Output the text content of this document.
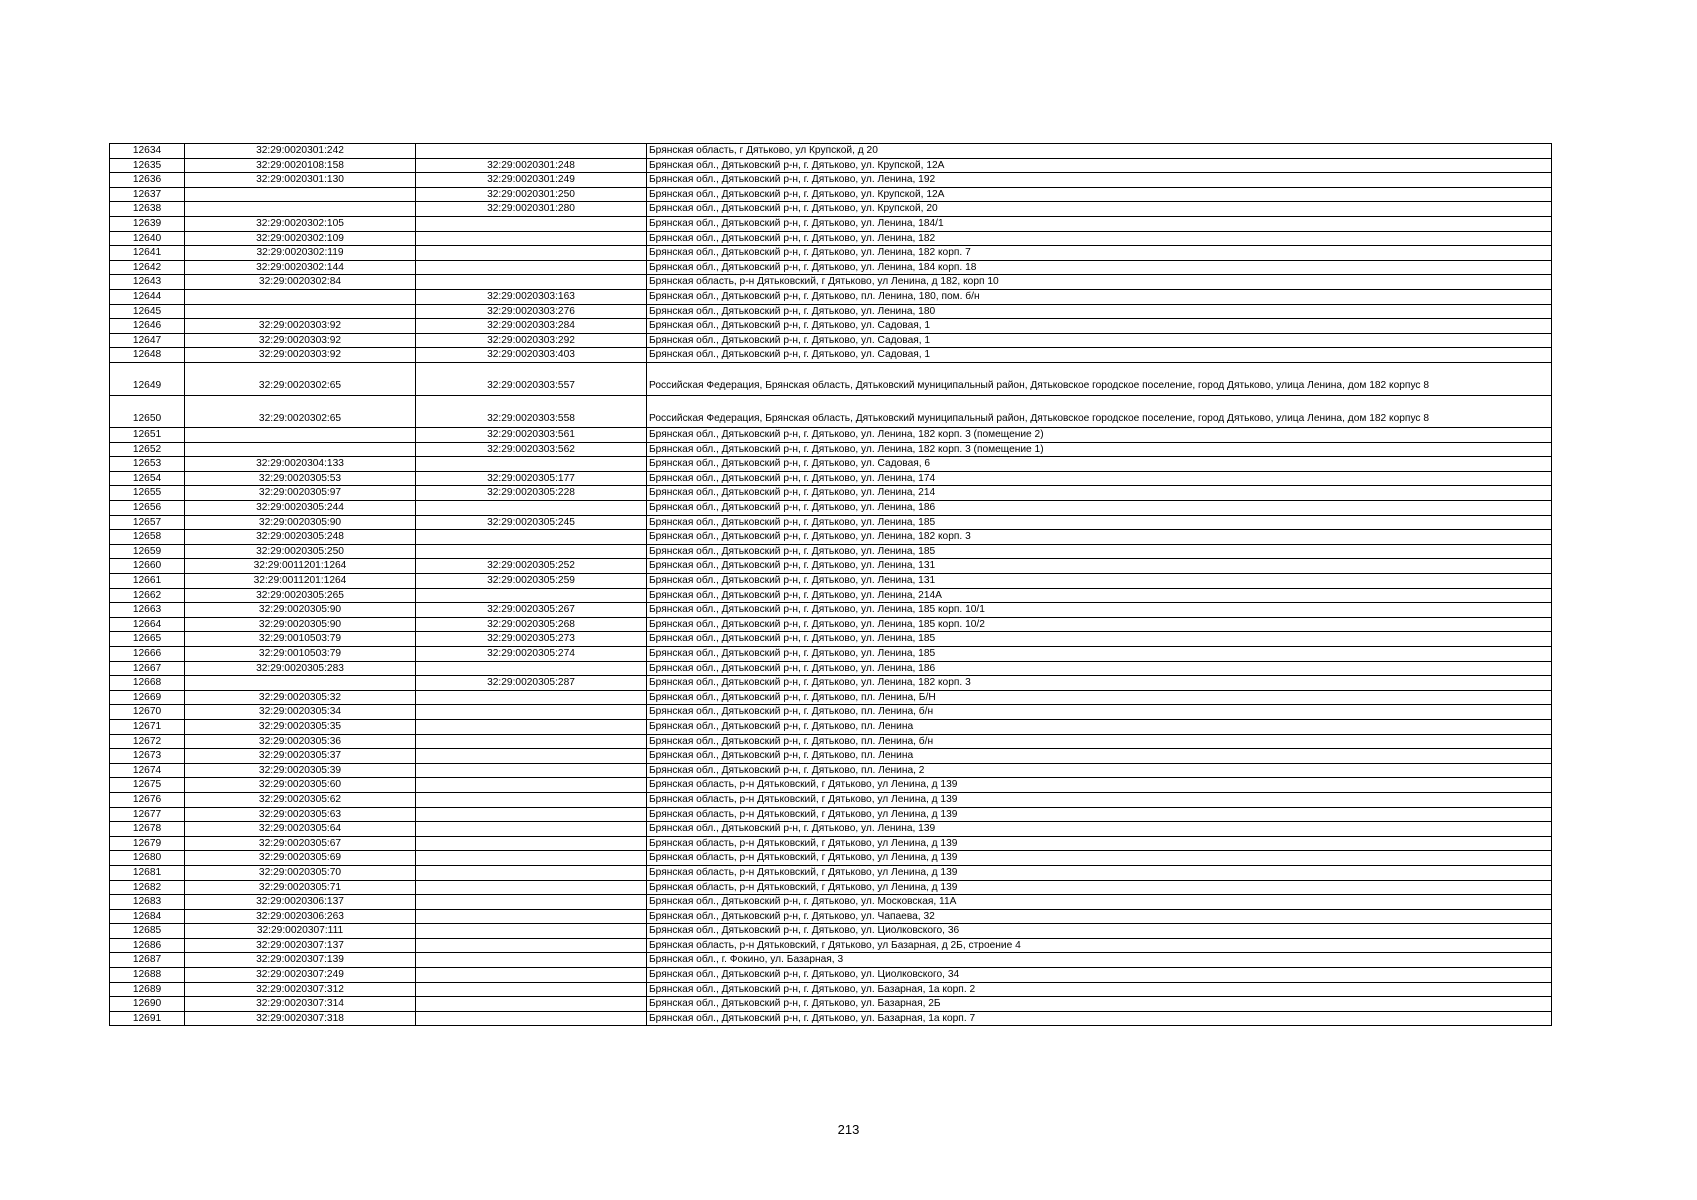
12634	32:29:0020301:242		Брянская область, г Дятьково, ул Крупской, д 20
12635	32:29:0020108:158	32:29:0020301:248	Брянская обл., Дятьковский р-н, г. Дятьково, ул. Крупской, 12А
12636	32:29:0020301:130	32:29:0020301:249	Брянская обл., Дятьковский р-н, г. Дятьково, ул. Ленина, 192
12637		32:29:0020301:250	Брянская обл., Дятьковский р-н, г. Дятьково, ул. Крупской, 12А
12638		32:29:0020301:280	Брянская обл., Дятьковский р-н, г. Дятьково, ул. Крупской, 20
12639	32:29:0020302:105		Брянская обл., Дятьковский р-н, г. Дятьково, ул. Ленина, 184/1
12640	32:29:0020302:109		Брянская обл., Дятьковский р-н, г. Дятьково, ул. Ленина, 182
12641	32:29:0020302:119		Брянская обл., Дятьковский р-н, г. Дятьково, ул. Ленина, 182 корп. 7
12642	32:29:0020302:144		Брянская обл., Дятьковский р-н, г. Дятьково, ул. Ленина, 184 корп. 18
12643	32:29:0020302:84		Брянская область, р-н Дятьковский, г Дятьково, ул Ленина, д 182, корп 10
12644		32:29:0020303:163	Брянская обл., Дятьковский р-н, г. Дятьково, пл. Ленина, 180, пом. б/н
12645		32:29:0020303:276	Брянская обл., Дятьковский р-н, г. Дятьково, ул. Ленина, 180
12646	32:29:0020303:92	32:29:0020303:284	Брянская обл., Дятьковский р-н, г. Дятьково, ул. Садовая, 1
12647	32:29:0020303:92	32:29:0020303:292	Брянская обл., Дятьковский р-н, г. Дятьково, ул. Садовая, 1
12648	32:29:0020303:92	32:29:0020303:403	Брянская обл., Дятьковский р-н, г. Дятьково, ул. Садовая, 1
12649	32:29:0020302:65	32:29:0020303:557	Российская Федерация, Брянская область, Дятьковский муниципальный район, Дятьковское городское поселение, город Дятьково, улица Ленина, дом 182 корпус 8
12650	32:29:0020302:65	32:29:0020303:558	Российская Федерация, Брянская область, Дятьковский муниципальный район, Дятьковское городское поселение, город Дятьково, улица Ленина, дом 182 корпус 8
12651		32:29:0020303:561	Брянская обл., Дятьковский р-н, г. Дятьково, ул. Ленина, 182 корп. 3 (помещение 2)
12652		32:29:0020303:562	Брянская обл., Дятьковский р-н, г. Дятьково, ул. Ленина, 182 корп. 3 (помещение 1)
12653	32:29:0020304:133		Брянская обл., Дятьковский р-н, г. Дятьково, ул. Садовая, 6
12654	32:29:0020305:53	32:29:0020305:177	Брянская обл., Дятьковский р-н, г. Дятьково, ул. Ленина, 174
12655	32:29:0020305:97	32:29:0020305:228	Брянская обл., Дятьковский р-н, г. Дятьково, ул. Ленина, 214
12656	32:29:0020305:244		Брянская обл., Дятьковский р-н, г. Дятьково, ул. Ленина, 186
12657	32:29:0020305:90	32:29:0020305:245	Брянская обл., Дятьковский р-н, г. Дятьково, ул. Ленина, 185
12658	32:29:0020305:248		Брянская обл., Дятьковский р-н, г. Дятьково, ул. Ленина, 182 корп. 3
12659	32:29:0020305:250		Брянская обл., Дятьковский р-н, г. Дятьково, ул. Ленина, 185
12660	32:29:0011201:1264	32:29:0020305:252	Брянская обл., Дятьковский р-н, г. Дятьково, ул. Ленина, 131
12661	32:29:0011201:1264	32:29:0020305:259	Брянская обл., Дятьковский р-н, г. Дятьково, ул. Ленина, 131
12662	32:29:0020305:265		Брянская обл., Дятьковский р-н, г. Дятьково, ул. Ленина, 214А
12663	32:29:0020305:90	32:29:0020305:267	Брянская обл., Дятьковский р-н, г. Дятьково, ул. Ленина, 185 корп. 10/1
12664	32:29:0020305:90	32:29:0020305:268	Брянская обл., Дятьковский р-н, г. Дятьково, ул. Ленина, 185 корп. 10/2
12665	32:29:0010503:79	32:29:0020305:273	Брянская обл., Дятьковский р-н, г. Дятьково, ул. Ленина, 185
12666	32:29:0010503:79	32:29:0020305:274	Брянская обл., Дятьковский р-н, г. Дятьково, ул. Ленина, 185
12667	32:29:0020305:283		Брянская обл., Дятьковский р-н, г. Дятьково, ул. Ленина, 186
12668		32:29:0020305:287	Брянская обл., Дятьковский р-н, г. Дятьково, ул. Ленина, 182 корп. 3
12669	32:29:0020305:32		Брянская обл., Дятьковский р-н, г. Дятьково, пл. Ленина, Б/Н
12670	32:29:0020305:34		Брянская обл., Дятьковский р-н, г. Дятьково, пл. Ленина, б/н
12671	32:29:0020305:35		Брянская обл., Дятьковский р-н, г. Дятьково, пл. Ленина
12672	32:29:0020305:36		Брянская обл., Дятьковский р-н, г. Дятьково, пл. Ленина, б/н
12673	32:29:0020305:37		Брянская обл., Дятьковский р-н, г. Дятьково, пл. Ленина
12674	32:29:0020305:39		Брянская обл., Дятьковский р-н, г. Дятьково, пл. Ленина, 2
12675	32:29:0020305:60		Брянская область, р-н Дятьковский, г Дятьково, ул Ленина, д 139
12676	32:29:0020305:62		Брянская область, р-н Дятьковский, г Дятьково, ул Ленина, д 139
12677	32:29:0020305:63		Брянская область, р-н Дятьковский, г Дятьково, ул Ленина, д 139
12678	32:29:0020305:64		Брянская обл., Дятьковский р-н, г. Дятьково, ул. Ленина, 139
12679	32:29:0020305:67		Брянская область, р-н Дятьковский, г Дятьково, ул Ленина, д 139
12680	32:29:0020305:69		Брянская область, р-н Дятьковский, г Дятьково, ул Ленина, д 139
12681	32:29:0020305:70		Брянская область, р-н Дятьковский, г Дятьково, ул Ленина, д 139
12682	32:29:0020305:71		Брянская область, р-н Дятьковский, г Дятьково, ул Ленина, д 139
12683	32:29:0020306:137		Брянская обл., Дятьковский р-н, г. Дятьково, ул. Московская, 11А
12684	32:29:0020306:263		Брянская обл., Дятьковский р-н, г. Дятьково, ул. Чапаева, 32
12685	32:29:0020307:111		Брянская обл., Дятьковский р-н, г. Дятьково, ул. Циолковского, 36
12686	32:29:0020307:137		Брянская область, р-н Дятьковский, г Дятьково, ул Базарная, д 2Б, строение 4
12687	32:29:0020307:139		Брянская обл., г. Фокино, ул. Базарная, 3
12688	32:29:0020307:249		Брянская обл., Дятьковский р-н, г. Дятьково, ул. Циолковского, 34
12689	32:29:0020307:312		Брянская обл., Дятьковский р-н, г. Дятьково, ул. Базарная, 1а корп. 2
12690	32:29:0020307:314		Брянская обл., Дятьковский р-н, г. Дятьково, ул. Базарная, 2Б
12691	32:29:0020307:318		Брянская обл., Дятьковский р-н, г. Дятьково, ул. Базарная, 1а корп. 7
213
